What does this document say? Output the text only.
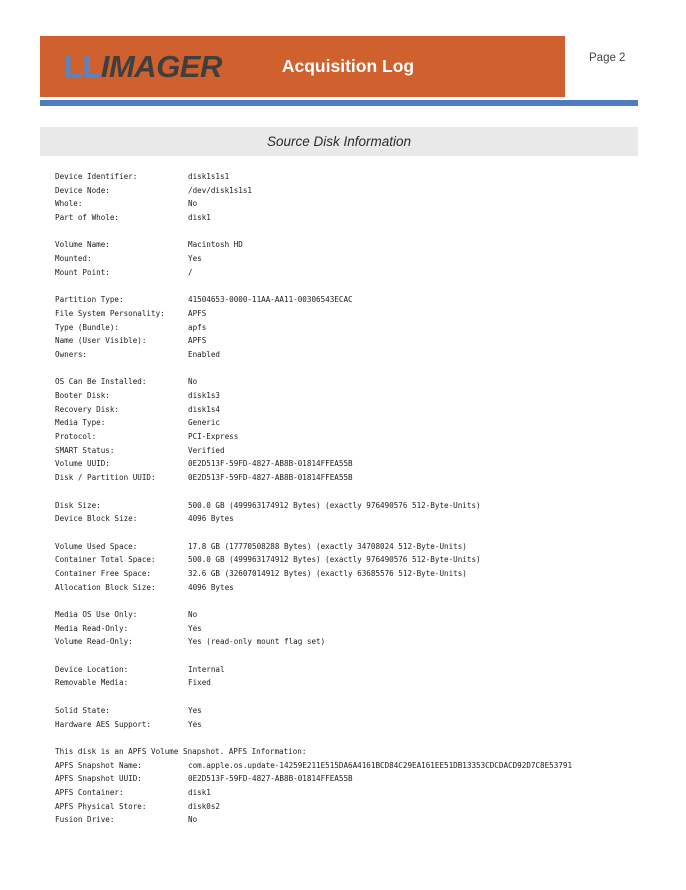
LLIMAGER	Acquisition Log	Page 2
Source Disk Information
Device Identifier:	disk1s1s1
Device Node:	/dev/disk1s1s1
Whole:	No
Part of Whole:	disk1
Volume Name:	Macintosh HD
Mounted:	Yes
Mount Point:	/
Partition Type:	41504653-0000-11AA-AA11-00306543ECAC
File System Personality:	APFS
Type (Bundle):	apfs
Name (User Visible):	APFS
Owners:	Enabled
OS Can Be Installed:	No
Booter Disk:	disk1s3
Recovery Disk:	disk1s4
Media Type:	Generic
Protocol:	PCI-Express
SMART Status:	Verified
Volume UUID:	0E2D513F-59FD-4827-AB8B-01814FFEA55B
Disk / Partition UUID:	0E2D513F-59FD-4827-AB8B-01814FFEA55B
Disk Size:	500.0 GB (499963174912 Bytes) (exactly 976490576 512-Byte-Units)
Device Block Size:	4096 Bytes
Volume Used Space:	17.8 GB (17770508288 Bytes) (exactly 34708024 512-Byte-Units)
Container Total Space:	500.0 GB (499963174912 Bytes) (exactly 976490576 512-Byte-Units)
Container Free Space:	32.6 GB (32607014912 Bytes) (exactly 63685576 512-Byte-Units)
Allocation Block Size:	4096 Bytes
Media OS Use Only:	No
Media Read-Only:	Yes
Volume Read-Only:	Yes (read-only mount flag set)
Device Location:	Internal
Removable Media:	Fixed
Solid State:	Yes
Hardware AES Support:	Yes
This disk is an APFS Volume Snapshot. APFS Information:
APFS Snapshot Name:	com.apple.os.update-14259E211E515DA6A4161BCD84C29EA161EE51DB13353CDCDACD92D7C8E53791
APFS Snapshot UUID:	0E2D513F-59FD-4827-AB8B-01814FFEA55B
APFS Container:	disk1
APFS Physical Store:	disk0s2
Fusion Drive:	No
